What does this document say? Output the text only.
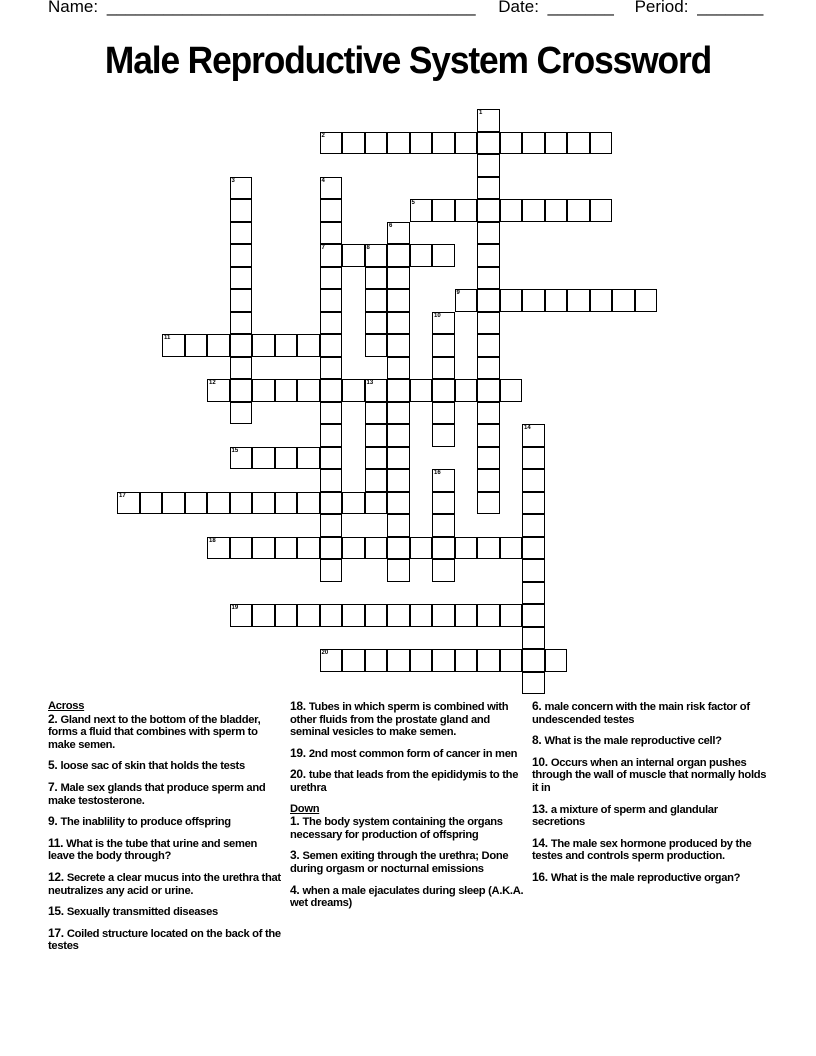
Name: _______________________________________ Date: _______ Period: _______
Male Reproductive System Crossword
1
2
3	4
7
5
6
8
9
10
11
12	13
14
15
16
17
18
19
20
Across
2. Gland next to the bottom of the bladder, forms a fluid that combines with sperm to make semen.
5. loose sac of skin that holds the tests
7. Male sex glands that produce sperm and make testosterone.
9. The inablility to produce offspring
11. What is the tube that urine and semen leave the body through?
12. Secrete a clear mucus into the urethra that neutralizes any acid or urine.
15. Sexually transmitted diseases
17. Coiled structure located on the back of the testes
18. Tubes in which sperm is combined with other fluids from the prostate gland and seminal vesicles to make semen.
19. 2nd most common form of cancer in men
20. tube that leads from the epididymis to the urethra
Down
1. The body system containing the organs necessary for production of offspring
3. Semen exiting through the urethra; Done during orgasm or nocturnal emissions
4. when a male ejaculates during sleep (A.K.A. wet dreams)
6. male concern with the main risk factor of undescended testes
8. What is the male reproductive cell?
10. Occurs when an internal organ pushes through the wall of muscle that normally holds it in
13. a mixture of sperm and glandular secretions
14. The male sex hormone produced by the testes and controls sperm production.
16. What is the male reproductive organ?
